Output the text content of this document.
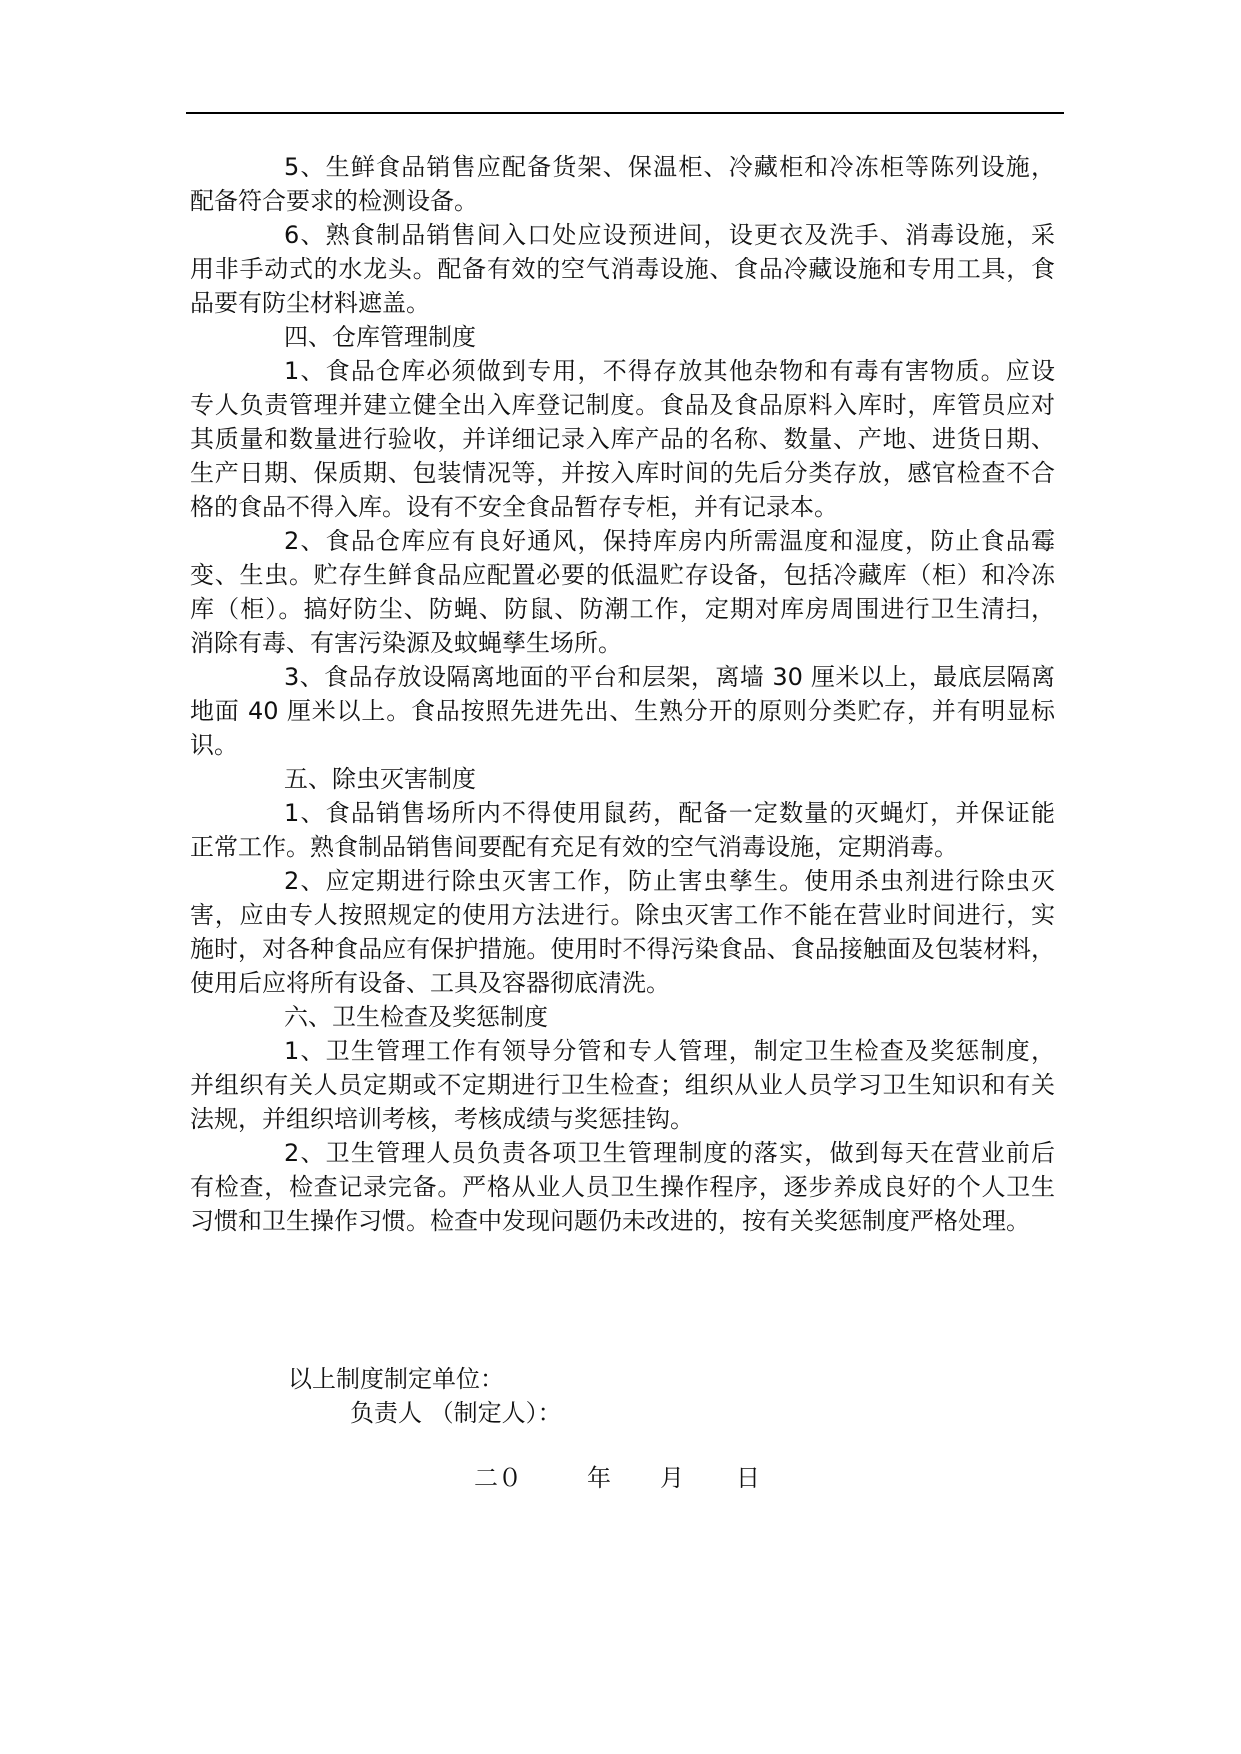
5、生鲜食品销售应配备货架、保温柜、冷藏柜和冷冻柜等陈列设施，
配备符合要求的检测设备。
6、熟食制品销售间入口处应设预进间，设更衣及洗手、消毒设施，采
用非手动式的水龙头。配备有效的空气消毒设施、食品冷藏设施和专用工具，食
品要有防尘材料遮盖。
四、仓库管理制度
1、食品仓库必须做到专用，不得存放其他杂物和有毒有害物质。应设
专人负责管理并建立健全出入库登记制度。食品及食品原料入库时，库管员应对
其质量和数量进行验收，并详细记录入库产品的名称、数量、产地、进货日期、
生产日期、保质期、包装情况等，并按入库时间的先后分类存放，感官检查不合
格的食品不得入库。设有不安全食品暂存专柜，并有记录本。
2、食品仓库应有良好通风，保持库房内所需温度和湿度，防止食品霉
变、生虫。贮存生鲜食品应配置必要的低温贮存设备，包括冷藏库（柜）和冷冻
库（柜）。搞好防尘、防蝇、防鼠、防潮工作，定期对库房周围进行卫生清扫，
消除有毒、有害污染源及蚊蝇孳生场所。
3、食品存放设隔离地面的平台和层架，离墙 30 厘米以上，最底层隔离
地面 40 厘米以上。食品按照先进先出、生熟分开的原则分类贮存，并有明显标
识。
五、除虫灭害制度
1、食品销售场所内不得使用鼠药，配备一定数量的灭蝇灯，并保证能
正常工作。熟食制品销售间要配有充足有效的空气消毒设施，定期消毒。
2、应定期进行除虫灭害工作，防止害虫孳生。使用杀虫剂进行除虫灭
害，应由专人按照规定的使用方法进行。除虫灭害工作不能在营业时间进行，实
施时，对各种食品应有保护措施。使用时不得污染食品、食品接触面及包装材料，
使用后应将所有设备、工具及容器彻底清洗。
六、卫生检查及奖惩制度
1、卫生管理工作有领导分管和专人管理，制定卫生检查及奖惩制度，
并组织有关人员定期或不定期进行卫生检查；组织从业人员学习卫生知识和有关
法规，并组织培训考核，考核成绩与奖惩挂钩。
2、卫生管理人员负责各项卫生管理制度的落实，做到每天在营业前后
有检查，检查记录完备。严格从业人员卫生操作程序，逐步养成良好的个人卫生
习惯和卫生操作习惯。检查中发现问题仍未改进的，按有关奖惩制度严格处理。
以上制度制定单位：
负责人 （制定人）：
二０	年 月 日
